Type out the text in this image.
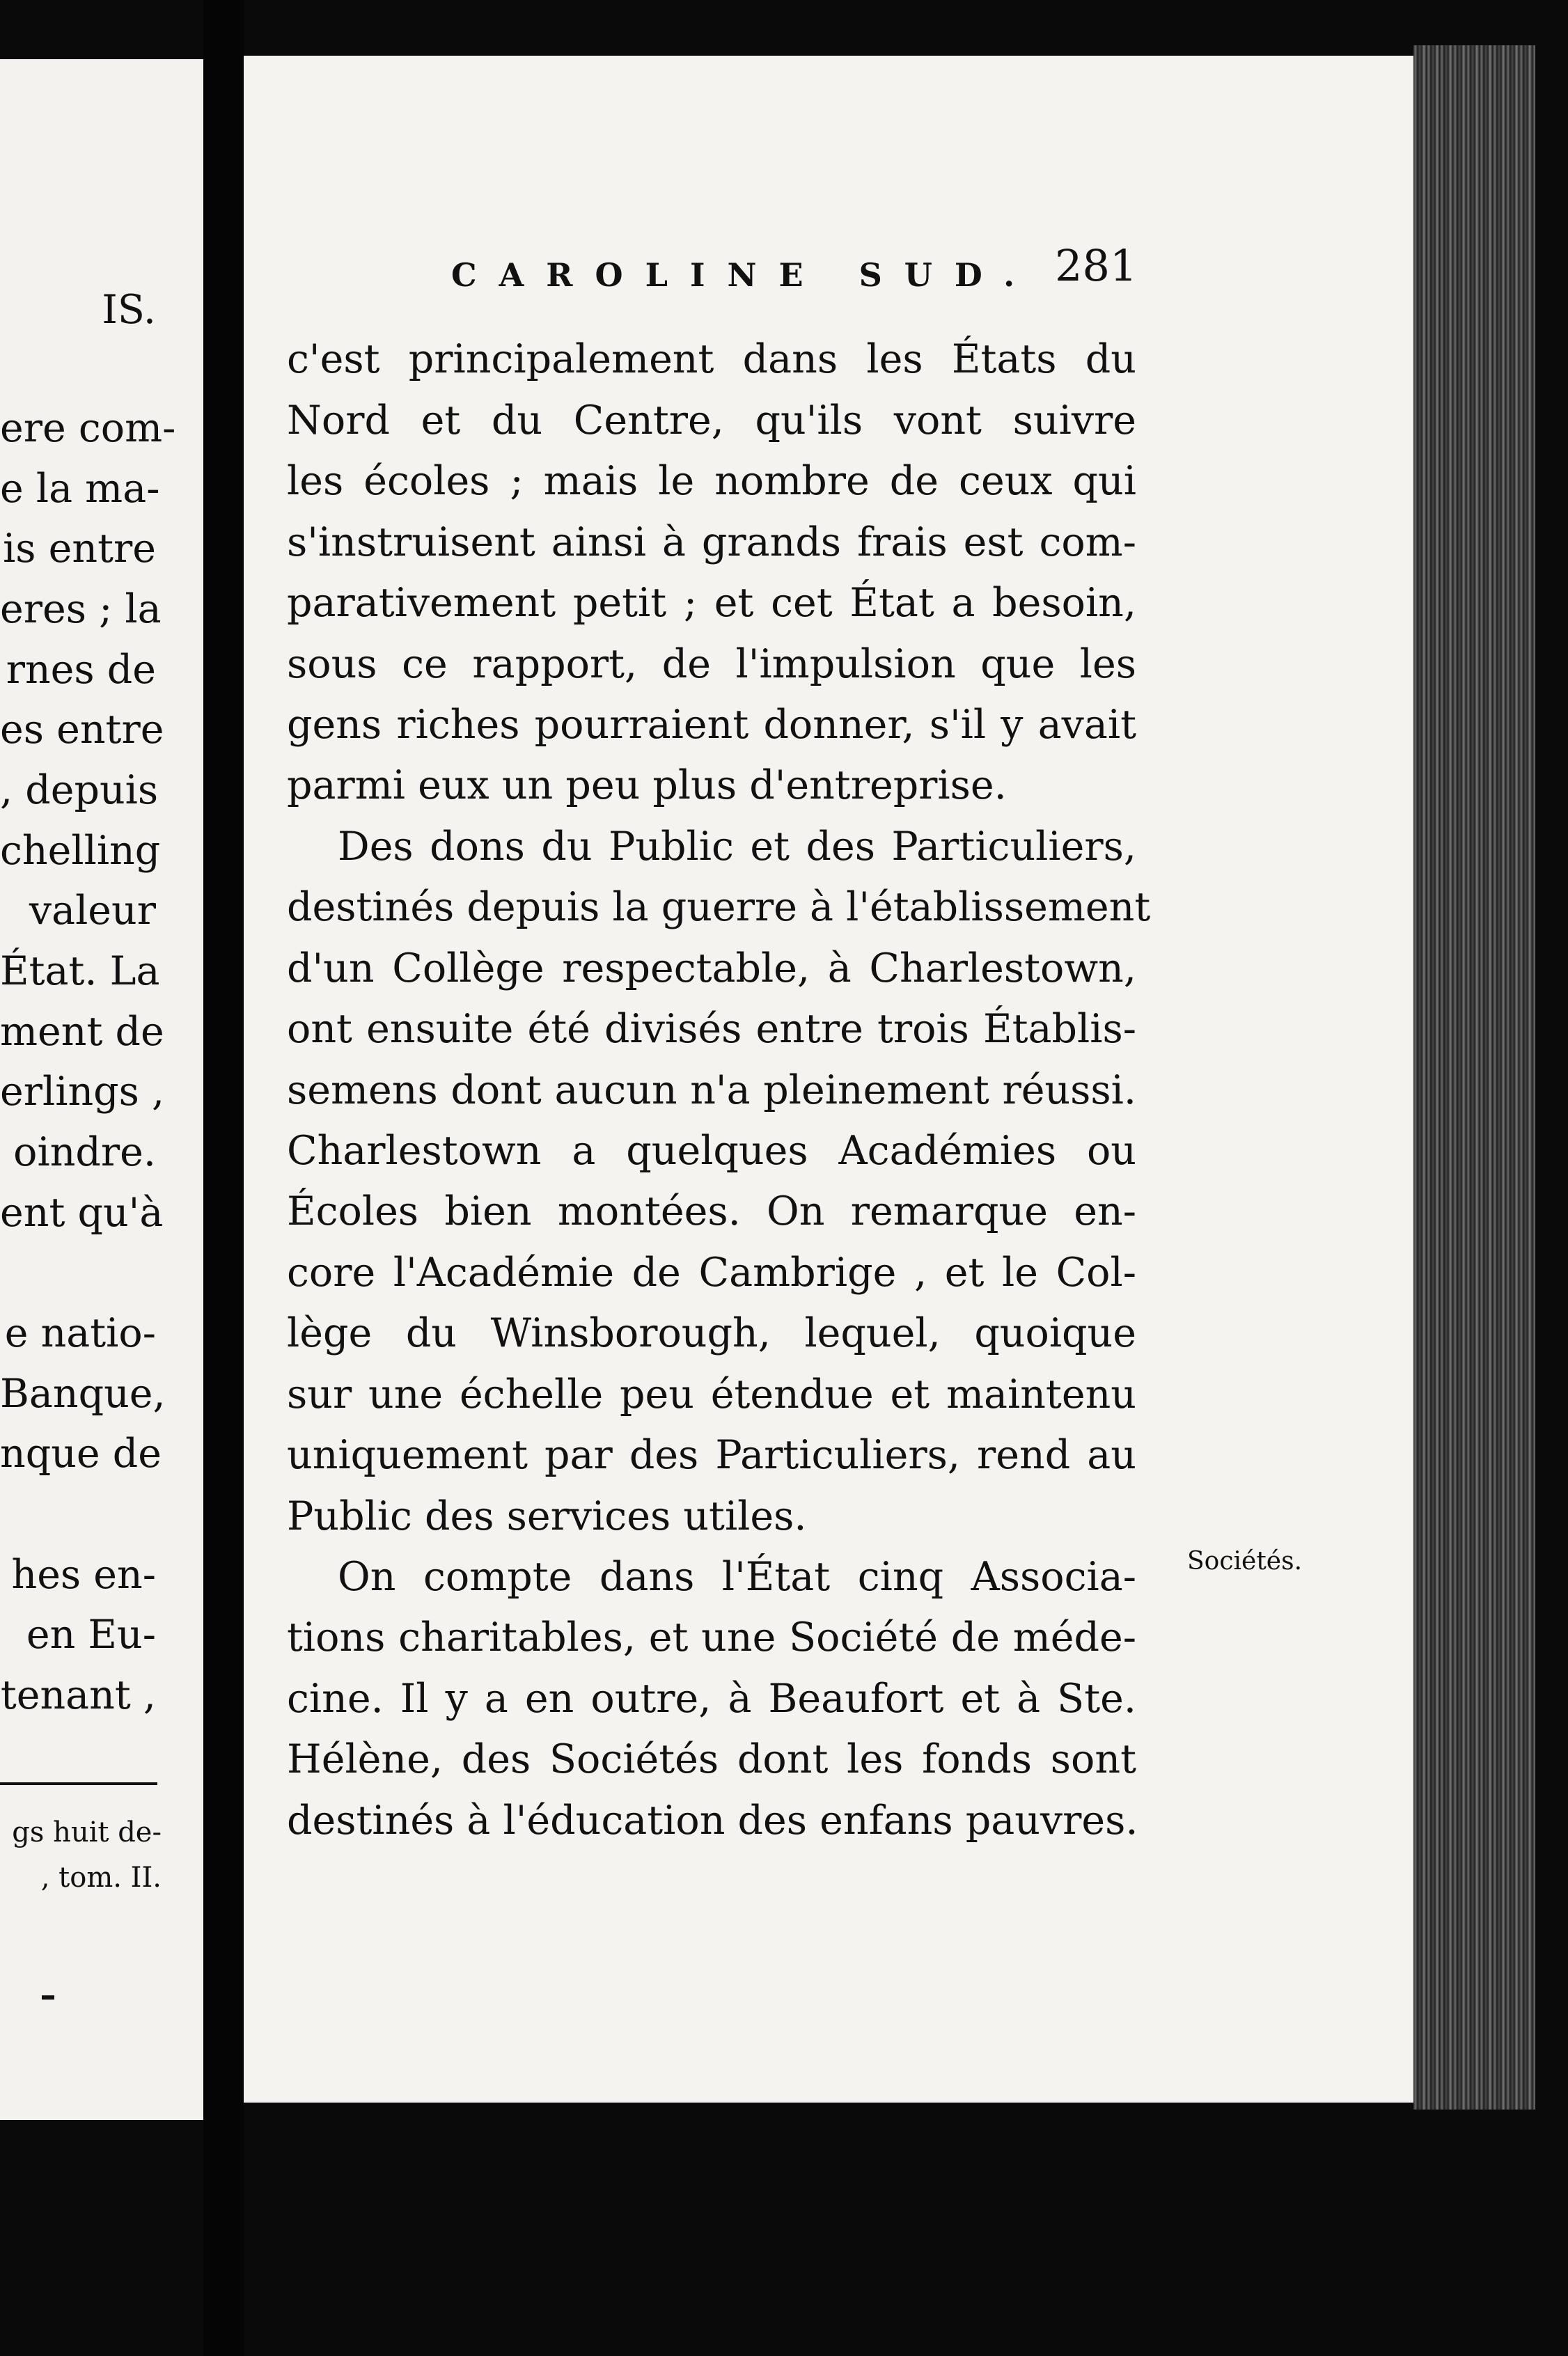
IS.
ere com-
e la ma-
is entre
eres ; la
rnes de
es entre
, depuis
chelling
valeur
État. La
ment de
erlings ,
oindre.
ent qu'à
e natio-
Banque,
nque de
hes en-
en Eu-
tenant ,
gs huit de-
, tom. II.
CAROLINE SUD. 281
c'est principalement dans les États du
Nord et du Centre, qu'ils vont suivre
les écoles ; mais le nombre de ceux qui
s'instruisent ainsi à grands frais est com-
parativement petit ; et cet État a besoin,
sous ce rapport, de l'impulsion que les
gens riches pourraient donner, s'il y avait
parmi eux un peu plus d'entreprise.
Des dons du Public et des Particuliers,
destinés depuis la guerre à l'établissement
d'un Collège respectable, à Charlestown,
ont ensuite été divisés entre trois Établis-
semens dont aucun n'a pleinement réussi.
Charlestown a quelques Académies ou
Écoles bien montées. On remarque en-
core l'Académie de Cambrige , et le Col-
lège du Winsborough, lequel, quoique
sur une échelle peu étendue et maintenu
uniquement par des Particuliers, rend au
Public des services utiles.
On compte dans l'État cinq Associa-
tions charitables, et une Société de méde-
cine. Il y a en outre, à Beaufort et à Ste.
Hélène, des Sociétés dont les fonds sont
destinés à l'éducation des enfans pauvres.
Sociétés.
